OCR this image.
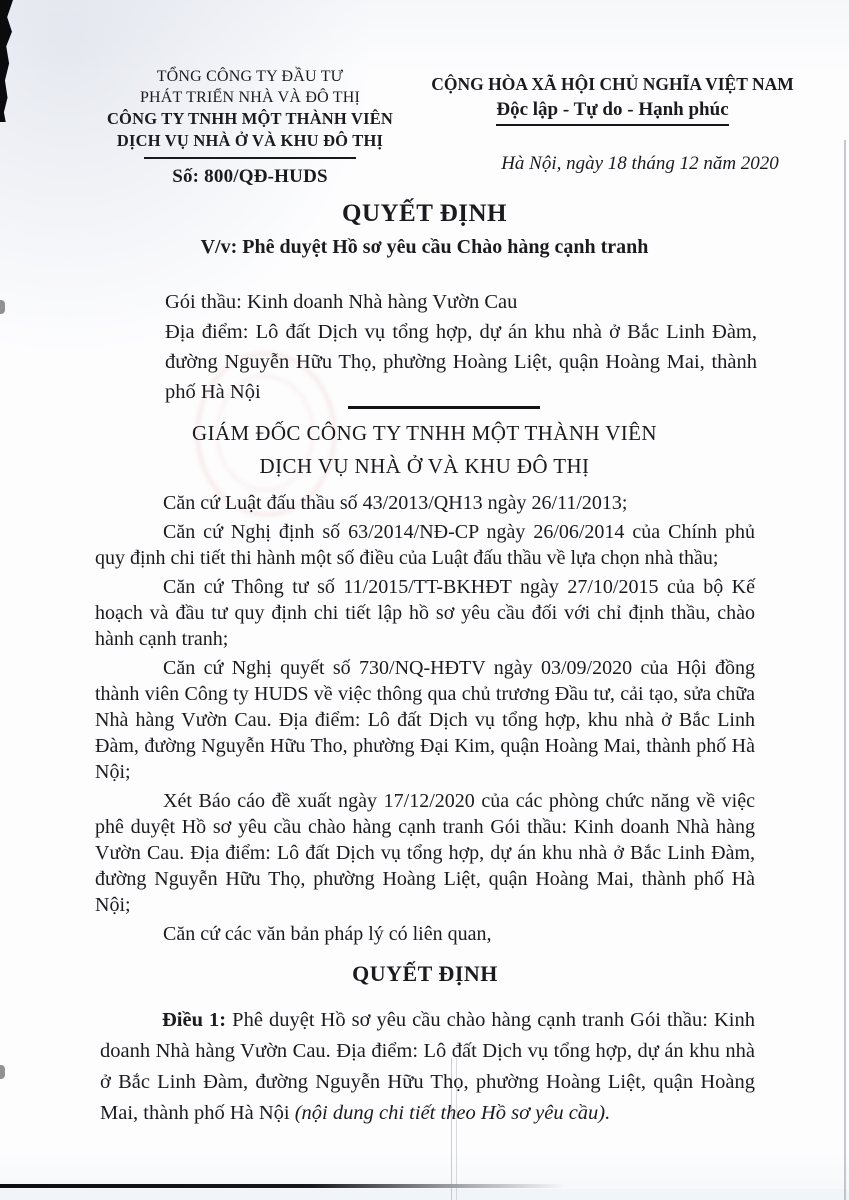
TỔNG CÔNG TY ĐẦU TƯ
PHÁT TRIỂN NHÀ VÀ ĐÔ THỊ
CÔNG TY TNHH MỘT THÀNH VIÊN
DỊCH VỤ NHÀ Ở VÀ KHU ĐÔ THỊ
Số: 800/QĐ-HUDS
CỘNG HÒA XÃ HỘI CHỦ NGHĨA VIỆT NAM
Độc lập - Tự do - Hạnh phúc
Hà Nội, ngày 18 tháng 12 năm 2020
QUYẾT ĐỊNH
V/v: Phê duyệt Hồ sơ yêu cầu Chào hàng cạnh tranh

Gói thầu: Kinh doanh Nhà hàng Vườn Cau

Địa điểm: Lô đất Dịch vụ tổng hợp, dự án khu nhà ở Bắc Linh Đàm, đường Nguyễn Hữu Thọ, phường Hoàng Liệt, quận Hoàng Mai, thành phố Hà Nội

GIÁM ĐỐC CÔNG TY TNHH MỘT THÀNH VIÊN
DỊCH VỤ NHÀ Ở VÀ KHU ĐÔ THỊ

Căn cứ Luật đấu thầu số 43/2013/QH13 ngày 26/11/2013;

Căn cứ Nghị định số 63/2014/NĐ-CP ngày 26/06/2014 của Chính phủ quy định chi tiết thi hành một số điều của Luật đấu thầu về lựa chọn nhà thầu;

Căn cứ Thông tư số 11/2015/TT-BKHĐT ngày 27/10/2015 của bộ Kế hoạch và đầu tư quy định chi tiết lập hồ sơ yêu cầu đối với chỉ định thầu, chào hành cạnh tranh;

Căn cứ Nghị quyết số 730/NQ-HĐTV ngày 03/09/2020 của Hội đồng thành viên Công ty HUDS về việc thông qua chủ trương Đầu tư, cải tạo, sửa chữa Nhà hàng Vườn Cau. Địa điểm: Lô đất Dịch vụ tổng hợp, khu nhà ở Bắc Linh Đàm, đường Nguyễn Hữu Tho, phường Đại Kim, quận Hoàng Mai, thành phố Hà Nội;

Xét Báo cáo đề xuất ngày 17/12/2020 của các phòng chức năng về việc phê duyệt Hồ sơ yêu cầu chào hàng cạnh tranh Gói thầu: Kinh doanh Nhà hàng Vườn Cau. Địa điểm: Lô đất Dịch vụ tổng hợp, dự án khu nhà ở Bắc Linh Đàm, đường Nguyễn Hữu Thọ, phường Hoàng Liệt, quận Hoàng Mai, thành phố Hà Nội;

Căn cứ các văn bản pháp lý có liên quan,

QUYẾT ĐỊNH

Điều 1: Phê duyệt Hồ sơ yêu cầu chào hàng cạnh tranh Gói thầu: Kinh doanh Nhà hàng Vườn Cau. Địa điểm: Lô đất Dịch vụ tổng hợp, dự án khu nhà ở Bắc Linh Đàm, đường Nguyễn Hữu Thọ, phường Hoàng Liệt, quận Hoàng Mai, thành phố Hà Nội (nội dung chi tiết theo Hồ sơ yêu cầu).
